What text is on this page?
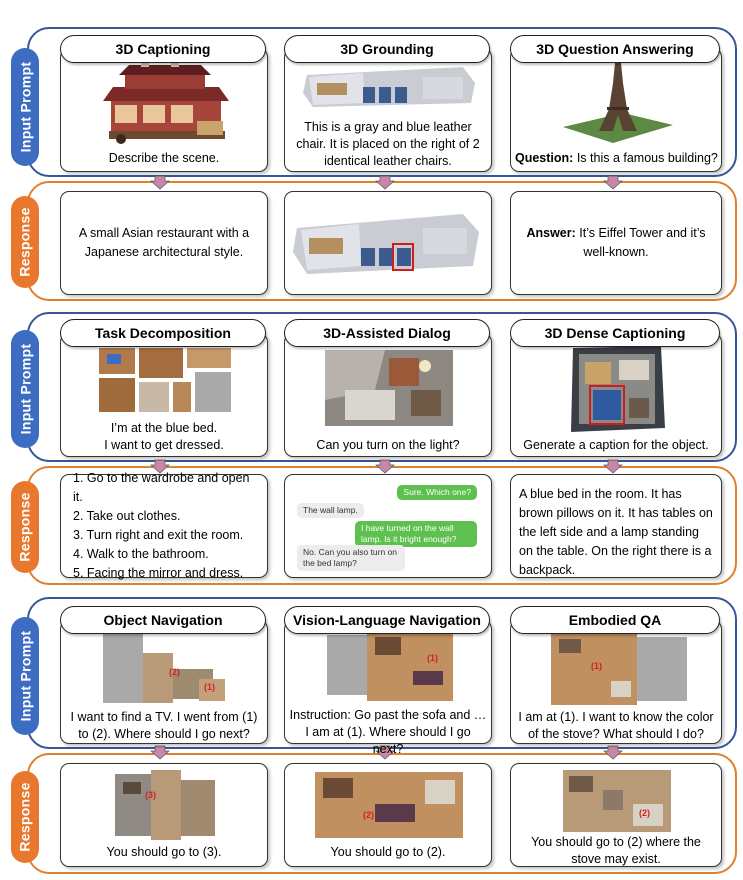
Input Prompt
Response
Input Prompt
Response
Input Prompt
Response
3D Captioning
Describe the scene.
3D Grounding
This is a gray and blue leather chair. It is placed on the right of 2 identical leather chairs.
3D Question Answering
Question: Is this a famous building?
A small Asian restaurant with a Japanese architectural style.
Answer: It’s Eiffel Tower and it’s well-known.
Task Decomposition
I’m at the blue bed.
I want to get dressed.
3D-Assisted Dialog
Can you turn on the light?
3D Dense Captioning
Generate a caption for the object.
1. Go to the wardrobe and open it.
2. Take out clothes.
3. Turn right and exit the room.
4. Walk to the bathroom.
5. Facing the mirror and dress.
Sure. Which one?
The wall lamp.
I have turned on the wall lamp. Is it bright enough?
No. Can you also turn on the bed lamp?
A blue bed in the room. It has brown pillows on it. It has tables on the left side and a lamp standing on the table. On the right there is a backpack.
Object Navigation
(2)
(1)
I want to find a TV. I went from (1) to (2). Where should I go next?
Vision-Language Navigation
(1)
Instruction: Go past the sofa and …
I am at (1). Where should I go next?
Embodied QA
(1)
I am at (1). I want to know the color of the stove? What should I do?
(3)
You should go to (3).
(2)
You should go to (2).
(2)
You should go to (2) where the stove may exist.
